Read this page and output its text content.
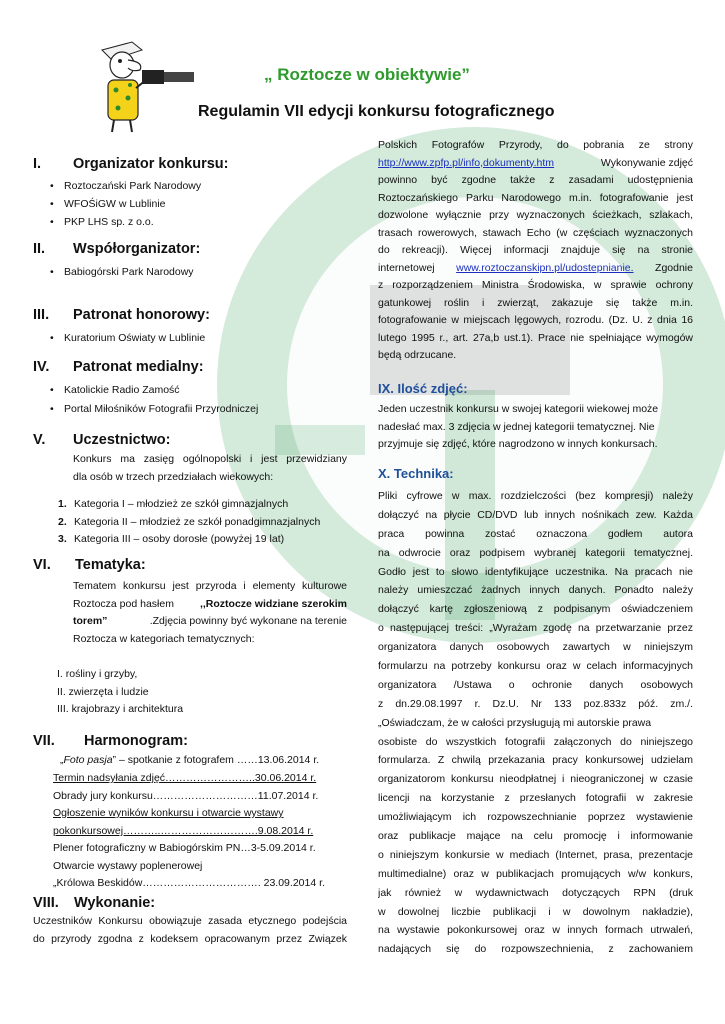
„ Roztocze w obiektywie”
Regulamin VII edycji konkursu fotograficznego
I. Organizator konkursu:
• Roztoczański Park Narodowy
• WFOŚiGW w Lublinie
• PKP LHS sp. z o.o.
II. Współorganizator:
• Babiogórski Park Narodowy
III. Patronat honorowy:
• Kuratorium Oświaty w Lublinie
IV. Patronat medialny:
• Katolickie Radio Zamość
• Portal Miłośników Fotografii Przyrodniczej
V. Uczestnictwo:
Konkurs ma zasięg ogólnopolski i jest przewidziany
dla osób w trzech przedziałach wiekowych:
1. Kategoria I – młodzież ze szkół gimnazjalnych
2. Kategoria II – młodzież ze szkół ponadgimnazjalnych
3. Kategoria III – osoby dorosłe (powyżej 19 lat)
VI. Tematyka:
Tematem konkursu jest przyroda i elementy kulturowe
Roztocza pod hasłem ,,Roztocze widziane szerokim
torem”	.Zdjęcia powinny być wykonane na terenie
Roztocza w kategoriach tematycznych:
I. rośliny i grzyby,
II. zwierzęta i ludzie
III. krajobrazy i architektura
VII. Harmonogram:
„Foto pasja” – spotkanie z fotografem ……13.06.2014 r.
Termin nadsyłania zdjęć……………………..30.06.2014 r.
Obrady jury konkursu…………………………11.07.2014 r.
Ogłoszenie wyników konkursu i otwarcie wystawy
pokonkursowej………..……………………….9.08.2014 r.
Plener fotograficzny w Babiogórskim PN…3-5.09.2014 r.
Otwarcie wystawy poplenerowej
„Królowa Beskidów……………………………. 23.09.2014 r.
VIII. Wykonanie:
Uczestników Konkursu obowiązuje zasada etycznego podejścia
do przyrody zgodna z kodeksem opracowanym przez Związek
Polskich Fotografów Przyrody, do pobrania ze strony
http://www.zpfp.pl/info,dokumenty.htm	Wykonywanie zdjęć
powinno być zgodne także z zasadami udostępnienia
Roztoczańskiego Parku Narodowego m.in. fotografowanie jest
dozwolone wyłącznie przy wyznaczonych ścieżkach, szlakach,
trasach rowerowych, stawach Echo (w częściach wyznaczonych
do rekreacji). Więcej informacji znajduje się na stronie
internetowej www.roztoczanskipn.pl/udostepnianie. Zgodnie
z rozporządzeniem Ministra Środowiska, w sprawie ochrony
gatunkowej roślin i zwierząt, zakazuje się także m.in.
fotografowanie w miejscach lęgowych, rozrodu. (Dz. U. z dnia 16
lutego 1995 r., art. 27a,b ust.1). Prace nie spełniające wymogów
będą odrzucane.
IX. Ilość zdjęć:
Jeden uczestnik konkursu w swojej kategorii wiekowej może
nadesłać max. 3 zdjęcia w jednej kategorii tematycznej. Nie
przyjmuje się zdjęć, które nagrodzono w innych konkursach.
X. Technika:
Pliki cyfrowe w max. rozdzielczości (bez kompresji) należy
dołączyć na płycie CD/DVD lub innych nośnikach zew. Każda
praca powinna zostać oznaczona godłem autora
na odwrocie oraz podpisem wybranej kategorii tematycznej.
Godło jest to słowo identyfikujące uczestnika. Na pracach nie
należy umieszczać żadnych innych danych. Ponadto należy
dołączyć kartę zgłoszeniową z podpisanym oświadczeniem
o następującej treści: „Wyrażam zgodę na przetwarzanie przez
organizatora danych osobowych zawartych w niniejszym
formularzu na potrzeby konkursu oraz w celach informacyjnych
organizatora /Ustawa o ochronie danych osobowych
z dn.29.08.1997 r. Dz.U. Nr 133 poz.833z póź. zm./.
„Oświadczam, że w całości przysługują mi autorskie prawa
osobiste do wszystkich fotografii załączonych do niniejszego
formularza. Z chwilą przekazania pracy konkursowej udzielam
organizatorom konkursu nieodpłatnej i nieograniczonej w czasie
licencji na korzystanie z przesłanych fotografii w zakresie
umożliwiającym ich rozpowszechnianie poprzez wystawienie
oraz publikacje mające na celu promocję i informowanie
o niniejszym konkursie w mediach (Internet, prasa, prezentacje
multimedialne) oraz w publikacjach promujących w/w konkurs,
jak również w wydawnictwach dotyczących RPN (druk
w dowolnej liczbie publikacji i w dowolnym nakładzie),
na wystawie pokonkursowej oraz w innych formach utrwaleń,
nadających się do rozpowszechnienia, z zachowaniem
